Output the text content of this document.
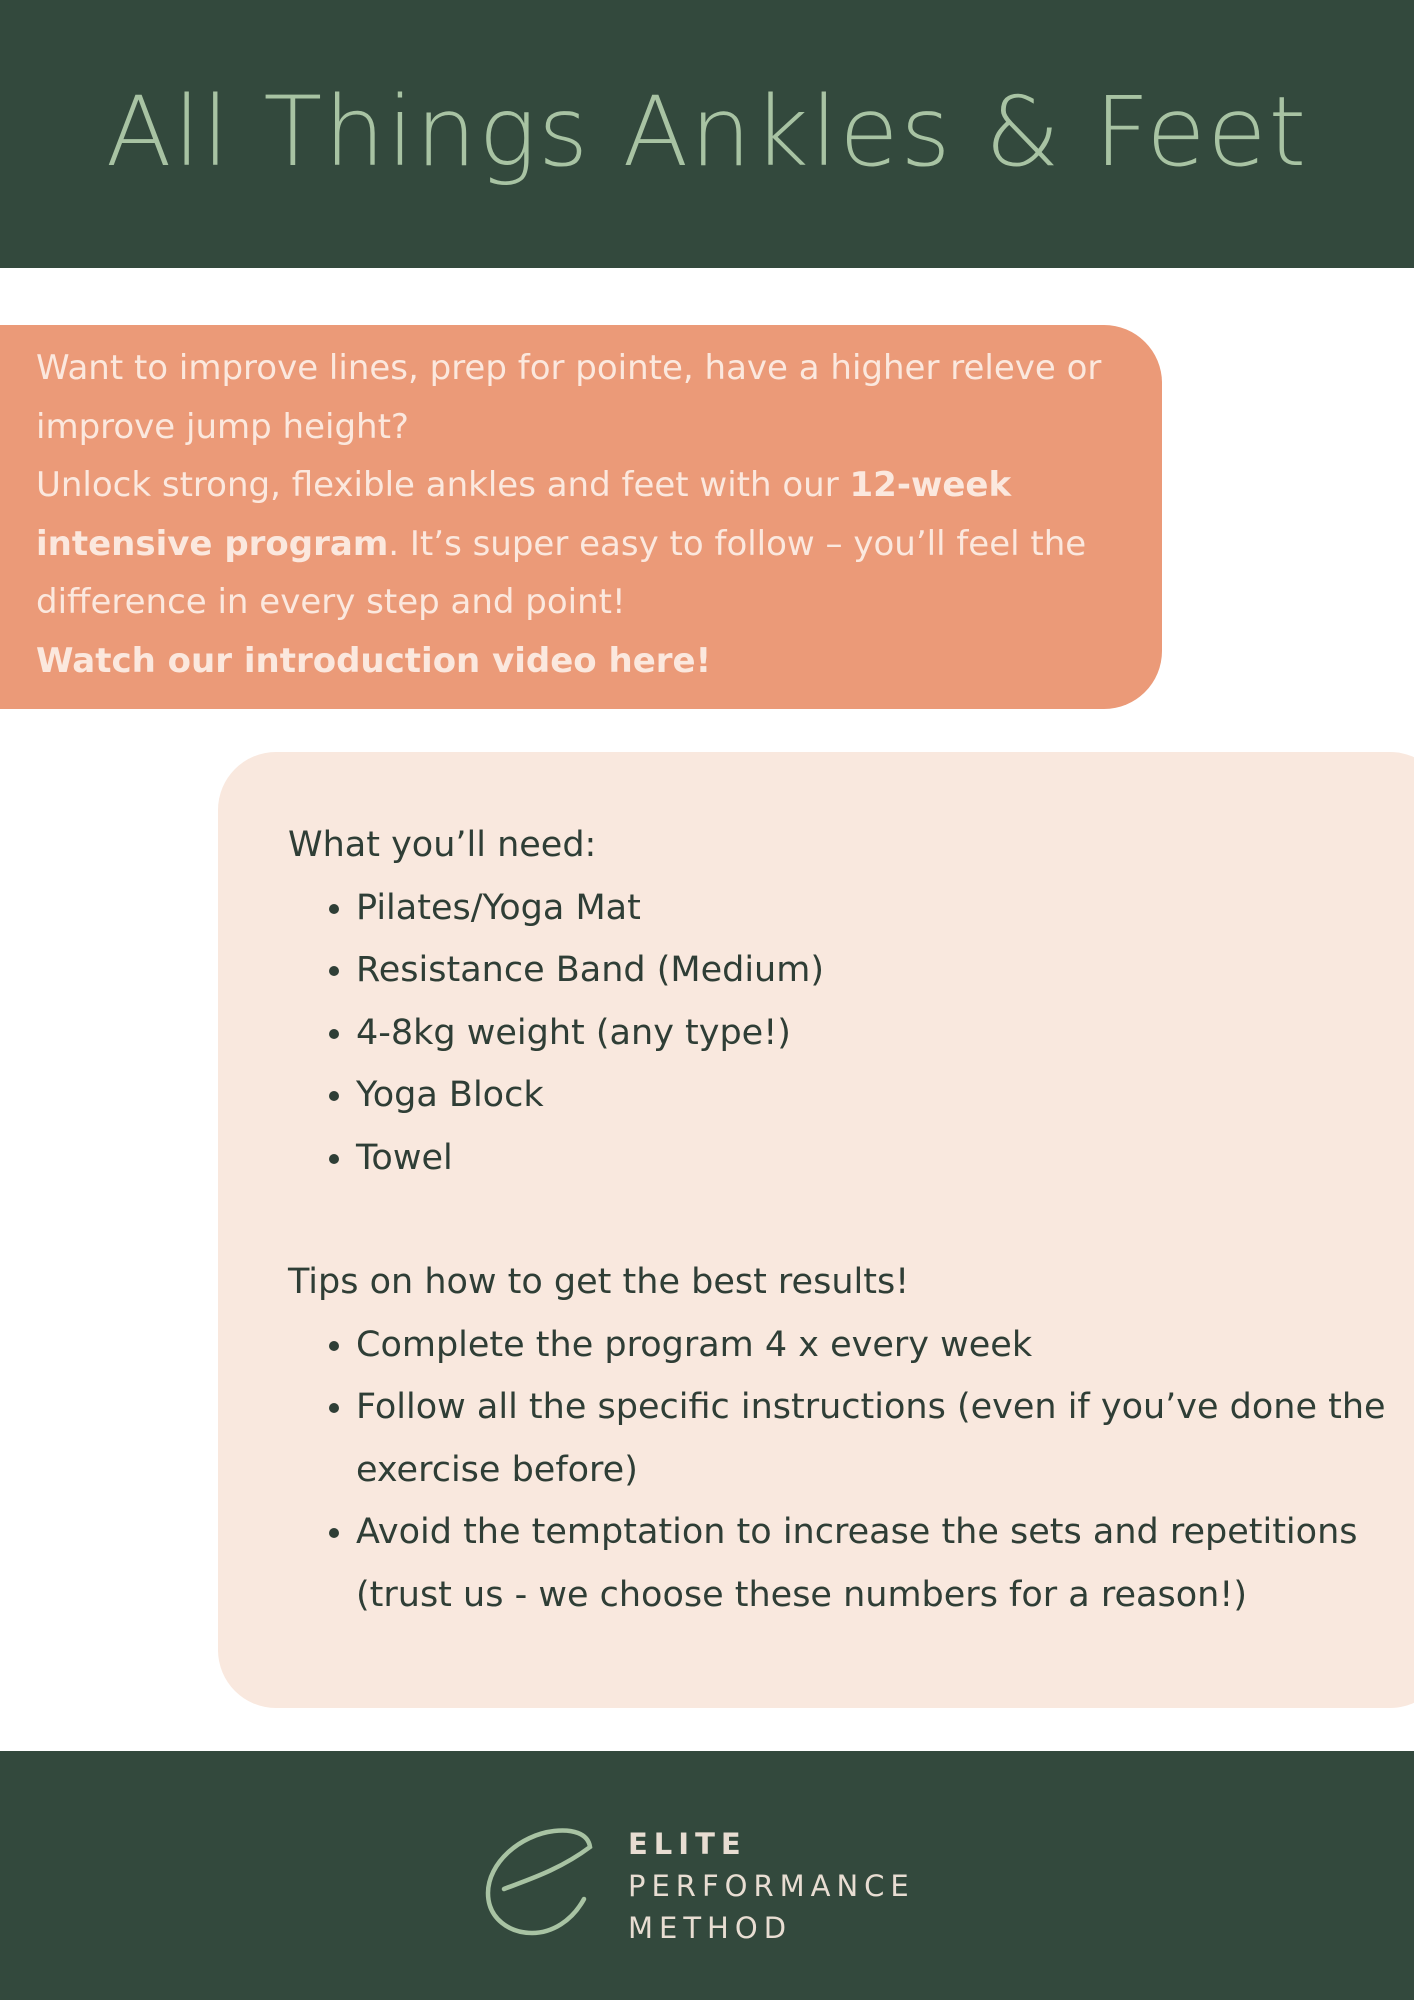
All Things Ankles & Feet

Want to improve lines, prep for pointe, have a higher releve or improve jump height?

Unlock strong, flexible ankles and feet with our 12-week intensive program. It’s super easy to follow – you’ll feel the difference in every step and point!

Watch our introduction video here!

What you’ll need:

• Pilates/Yoga Mat
• Resistance Band (Medium)
• 4-8kg weight (any type!)
• Yoga Block
• Towel

Tips on how to get the best results!

• Complete the program 4 x every week
• Follow all the specific instructions (even if you’ve done the exercise before)
• Avoid the temptation to increase the sets and repetitions (trust us - we choose these numbers for a reason!)
ELITE
PERFORMANCE
METHOD
